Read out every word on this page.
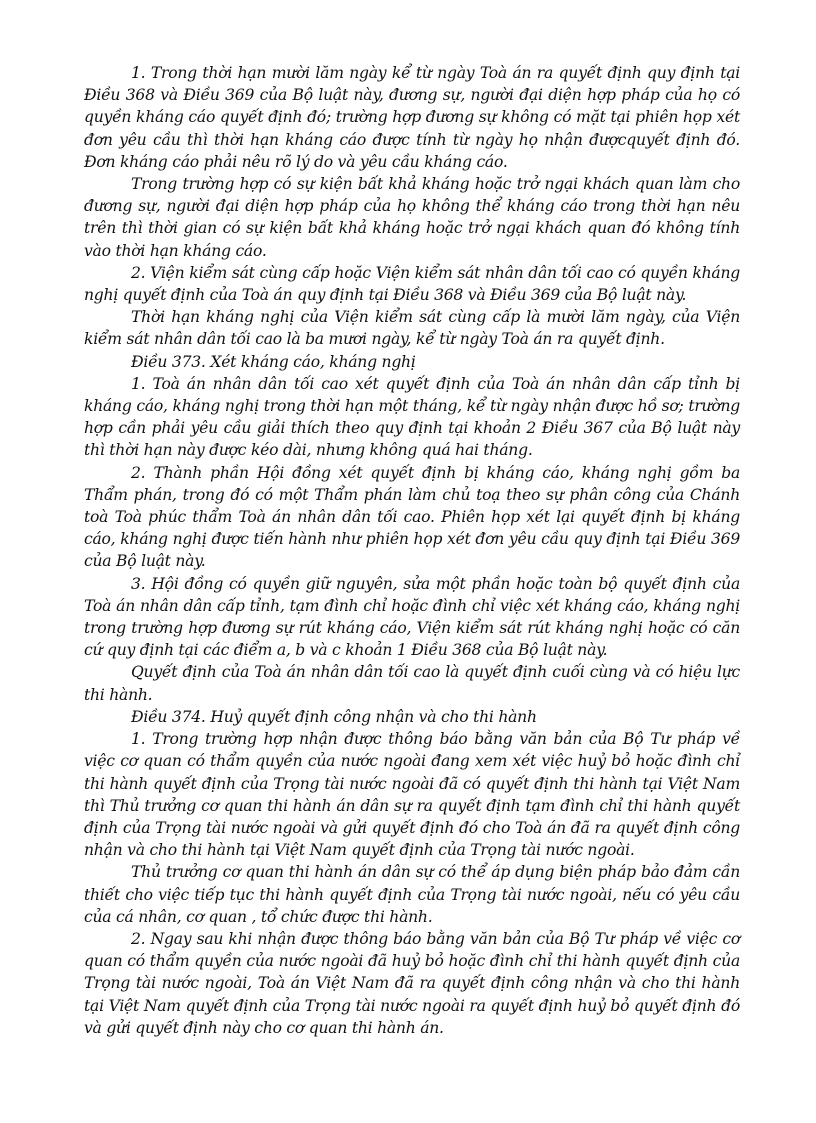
1. Trong thời hạn mười lăm ngày kể từ ngày Toà án ra quyết định quy định tại Điều 368 và Điều 369 của Bộ luật này, đương sự, người đại diện hợp pháp của họ có quyền kháng cáo quyết định đó; trường hợp đương sự không có mặt tại phiên họp xét đơn yêu cầu thì thời hạn kháng cáo được tính từ ngày họ nhận đượcquyết định đó. Đơn kháng cáo phải nêu rõ lý do và yêu cầu kháng cáo.

Trong trường hợp có sự kiện bất khả kháng hoặc trở ngại khách quan làm cho đương sự, người đại diện hợp pháp của họ không thể kháng cáo trong thời hạn nêu trên thì thời gian có sự kiện bất khả kháng hoặc trở ngại khách quan đó không tính vào thời hạn kháng cáo.

2. Viện kiểm sát cùng cấp hoặc Viện kiểm sát nhân dân tối cao có quyền kháng nghị quyết định của Toà án quy định tại Điều 368 và Điều 369 của Bộ luật này.

Thời hạn kháng nghị của Viện kiểm sát cùng cấp là mười lăm ngày, của Viện kiểm sát nhân dân tối cao là ba mươi ngày, kể từ ngày Toà án ra quyết định.

Điều 373. Xét kháng cáo, kháng nghị

1. Toà án nhân dân tối cao xét quyết định của Toà án nhân dân cấp tỉnh bị kháng cáo, kháng nghị trong thời hạn một tháng, kể từ ngày nhận được hồ sơ; trường hợp cần phải yêu cầu giải thích theo quy định tại khoản 2 Điều 367 của Bộ luật này thì thời hạn này được kéo dài, nhưng không quá hai tháng.

2. Thành phần Hội đồng xét quyết định bị kháng cáo, kháng nghị gồm ba Thẩm phán, trong đó có một Thẩm phán làm chủ toạ theo sự phân công của Chánh toà Toà phúc thẩm Toà án nhân dân tối cao. Phiên họp xét lại quyết định bị kháng cáo, kháng nghị được tiến hành như phiên họp xét đơn yêu cầu quy định tại Điều 369 của Bộ luật này.

3. Hội đồng có quyền giữ nguyên, sửa một phần hoặc toàn bộ quyết định của Toà án nhân dân cấp tỉnh, tạm đình chỉ hoặc đình chỉ việc xét kháng cáo, kháng nghị trong trường hợp đương sự rút kháng cáo, Viện kiểm sát rút kháng nghị hoặc có căn cứ quy định tại các điểm a, b và c khoản 1 Điều 368 của Bộ luật này.

Quyết định của Toà án nhân dân tối cao là quyết định cuối cùng và có hiệu lực thi hành.

Điều 374. Huỷ quyết định công nhận và cho thi hành

1. Trong trường hợp nhận được thông báo bằng văn bản của Bộ Tư pháp về việc cơ quan có thẩm quyền của nước ngoài đang xem xét việc huỷ bỏ hoặc đình chỉ thi hành quyết định của Trọng tài nước ngoài đã có quyết định thi hành tại Việt Nam thì Thủ trưởng cơ quan thi hành án dân sự ra quyết định tạm đình chỉ thi hành quyết định của Trọng tài nước ngoài và gửi quyết định đó cho Toà án đã ra quyết định công nhận và cho thi hành tại Việt Nam quyết định của Trọng tài nước ngoài.

Thủ trưởng cơ quan thi hành án dân sự có thể áp dụng biện pháp bảo đảm cần thiết cho việc tiếp tục thi hành quyết định của Trọng tài nước ngoài, nếu có yêu cầu của cá nhân, cơ quan , tổ chức được thi hành.

2. Ngay sau khi nhận được thông báo bằng văn bản của Bộ Tư pháp về việc cơ quan có thẩm quyền của nước ngoài đã huỷ bỏ hoặc đình chỉ thi hành quyết định của Trọng tài nước ngoài, Toà án Việt Nam đã ra quyết định công nhận và cho thi hành tại Việt Nam quyết định của Trọng tài nước ngoài ra quyết định huỷ bỏ quyết định đó và gửi quyết định này cho cơ quan thi hành án.
